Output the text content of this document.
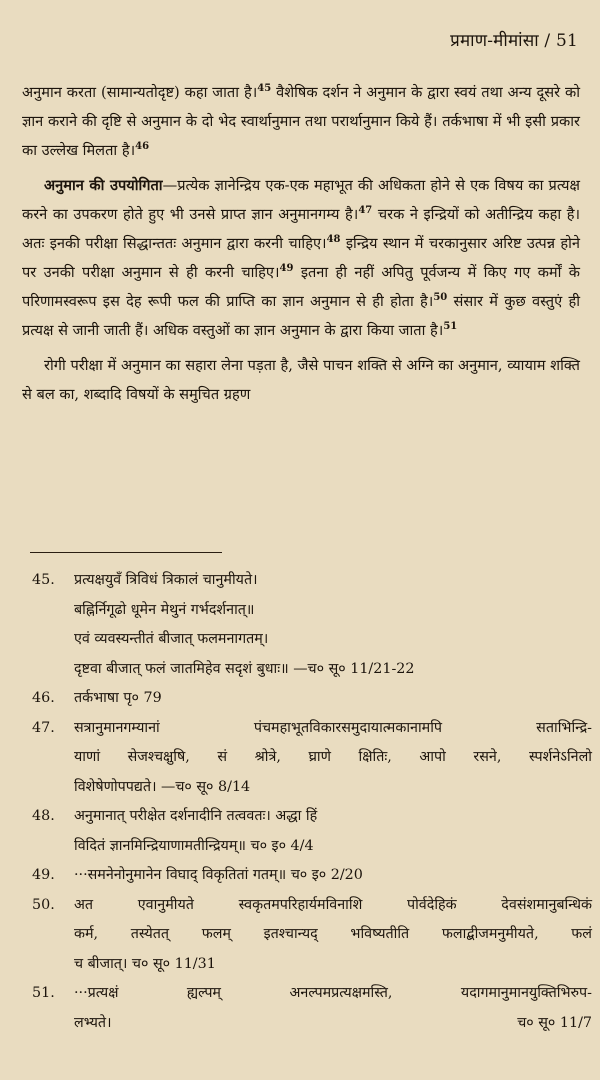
प्रमाण-मीमांसा / 51

अनुमान करता (सामान्यतोदृष्ट) कहा जाता है।$^{45}$ वैशेषिक दर्शन ने अनुमान के द्वारा स्वयं तथा अन्य दूसरे को ज्ञान कराने की दृष्टि से अनुमान के दो भेद स्वार्थानुमान तथा परार्थानुमान किये हैं। तर्कभाषा में भी इसी प्रकार का उल्लेख मिलता है।$^{46}$

अनुमान की उपयोगिता—प्रत्येक ज्ञानेन्द्रिय एक-एक महाभूत की अधिकता होने से एक विषय का प्रत्यक्ष करने का उपकरण होते हुए भी उनसे प्राप्त ज्ञान अनुमानगम्य है।$^{47}$ चरक ने इन्द्रियों को अतीन्द्रिय कहा है। अतः इनकी परीक्षा सिद्धान्ततः अनुमान द्वारा करनी चाहिए।$^{48}$ इन्द्रिय स्थान में चरकानुसार अरिष्ट उत्पन्न होने पर उनकी परीक्षा अनुमान से ही करनी चाहिए।$^{49}$ इतना ही नहीं अपितु पूर्वजन्य में किए गए कर्मों के परिणामस्वरूप इस देह रूपी फल की प्राप्ति का ज्ञान अनुमान से ही होता है।$^{50}$ संसार में कुछ वस्तुएं ही प्रत्यक्ष से जानी जाती हैं। अधिक वस्तुओं का ज्ञान अनुमान के द्वारा किया जाता है।$^{51}$

रोगी परीक्षा में अनुमान का सहारा लेना पड़ता है, जैसे पाचन शक्ति से अग्नि का अनुमान, व्यायाम शक्ति से बल का, शब्दादि विषयों के समुचित ग्रहण

45.	प्रत्यक्षयुवँ त्रिविधं त्रिकालं चानुमीयते।
बह्निर्निगूढो धूमेन मेथुनं गर्भदर्शनात्॥
एवं व्यवस्यन्तीतं बीजात् फलमनागतम्।
दृष्टवा बीजात् फलं जातमिहेव सदृशं बुधाः॥ —च० सू० 11/21-22
46.	तर्कभाषा पृ० 79
47.	सत्रानुमानगम्यानां पंचमहाभूतविकारसमुदायात्मकानामपि सताभिन्द्रि-
याणां सेजश्चक्षुषि, सं श्रोत्रे, घ्राणे क्षितिः, आपो रसने, स्पर्शनेऽनिलो
विशेषेणोपपद्यते। —च० सू० 8/14
48.	अनुमानात् परीक्षेत दर्शनादीनि तत्ववतः। अद्धा हिं
विदितं ज्ञानमिन्द्रियाणामतीन्द्रियम्॥ च० इ० 4/4
49.	···समनेनोनुमानेन विघाद् विकृतितां गतम्॥ च० इ० 2/20
50.	अत एवानुमीयते स्वकृतमपरिहार्यमविनाशि पोर्वदेहिकं देवसंशमानुबन्धिकं
कर्म, तस्येतत् फलम् इतश्चान्यद् भविष्यतीति फलाद्बीजमनुमीयते, फलं
च बीजात्। च० सू० 11/31
51.	···प्रत्यक्षं ह्यल्पम् अनल्पमप्रत्यक्षमस्ति, यदागमानुमानयुक्तिभिरुप-
लभ्यते।	च० सू० 11/7
